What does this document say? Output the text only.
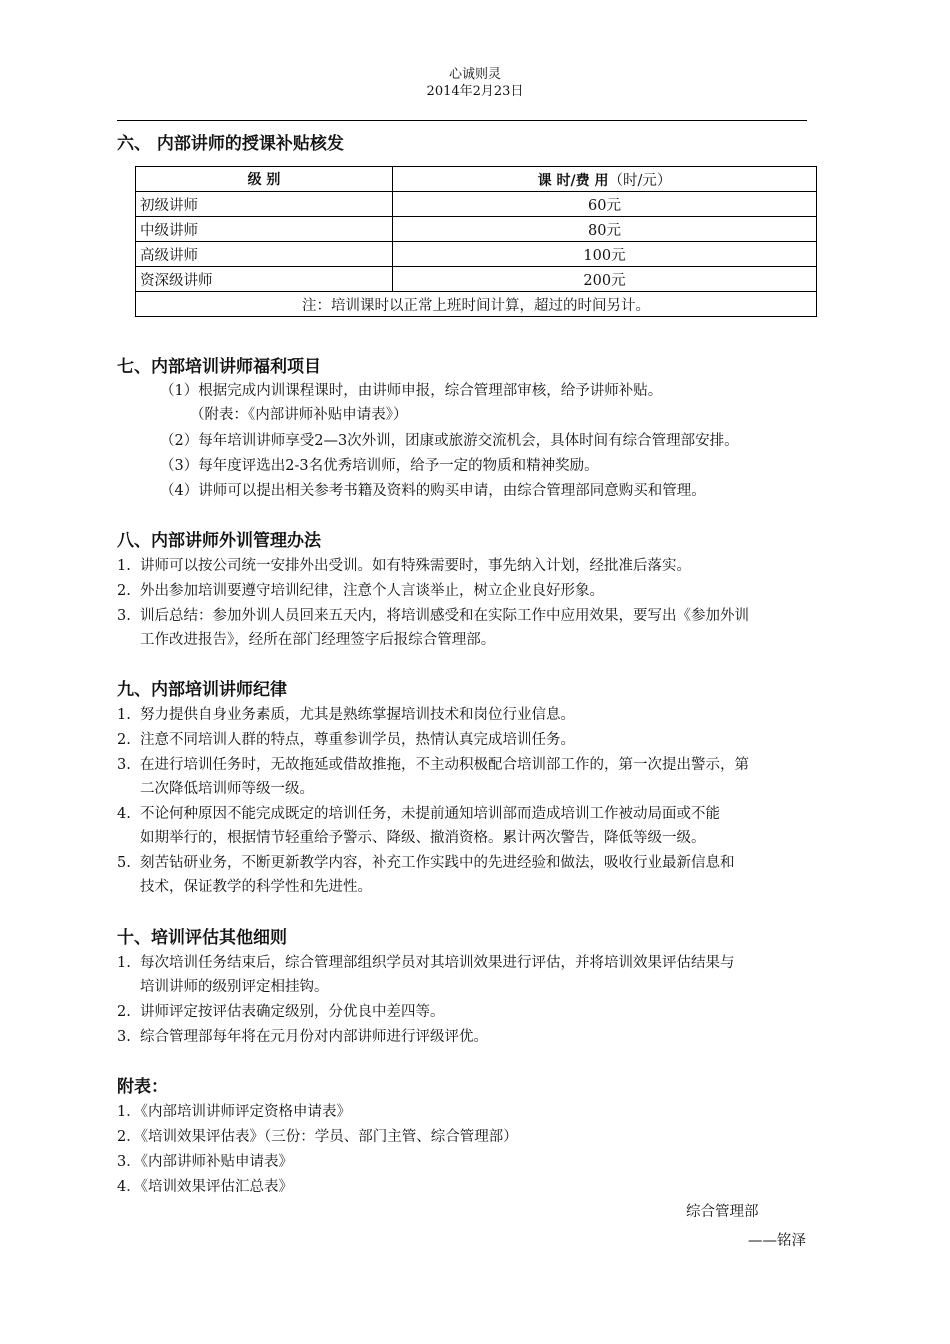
心诚则灵
2014年2月23日
六、 内部讲师的授课补贴核发
级 别	课 时/费 用（时/元）
初级讲师	60元
中级讲师	80元
高级讲师	100元
资深级讲师	200元
注：培训课时以正常上班时间计算，超过的时间另计。	
七、内部培训讲师福利项目
（1）根据完成内训课程课时，由讲师申报，综合管理部审核，给予讲师补贴。
（附表：《内部讲师补贴申请表》）
（2）每年培训讲师享受2—3次外训，团康或旅游交流机会，具体时间有综合管理部安排。
（3）每年度评选出2-3名优秀培训师，给予一定的物质和精神奖励。
（4）讲师可以提出相关参考书籍及资料的购买申请，由综合管理部同意购买和管理。
八、内部讲师外训管理办法
1. 讲师可以按公司统一安排外出受训。如有特殊需要时，事先纳入计划，经批准后落实。
2. 外出参加培训要遵守培训纪律，注意个人言谈举止，树立企业良好形象。
3. 训后总结：参加外训人员回来五天内，将培训感受和在实际工作中应用效果，要写出《参加外训
工作改进报告》，经所在部门经理签字后报综合管理部。
九、内部培训讲师纪律
1. 努力提供自身业务素质，尤其是熟练掌握培训技术和岗位行业信息。
2. 注意不同培训人群的特点，尊重参训学员，热情认真完成培训任务。
3. 在进行培训任务时，无故拖延或借故推拖，不主动积极配合培训部工作的，第一次提出警示，第
二次降低培训师等级一级。
4. 不论何种原因不能完成既定的培训任务，未提前通知培训部而造成培训工作被动局面或不能
如期举行的，根据情节轻重给予警示、降级、撤消资格。累计两次警告，降低等级一级。
5. 刻苦钻研业务，不断更新教学内容，补充工作实践中的先进经验和做法，吸收行业最新信息和
技术，保证教学的科学性和先进性。
十、培训评估其他细则
1. 每次培训任务结束后，综合管理部组织学员对其培训效果进行评估，并将培训效果评估结果与
培训讲师的级别评定相挂钩。
2. 讲师评定按评估表确定级别，分优良中差四等。
3. 综合管理部每年将在元月份对内部讲师进行评级评优。
附表：
1．《内部培训讲师评定资格申请表》
2．《培训效果评估表》（三份：学员、部门主管、综合管理部）
3．《内部讲师补贴申请表》
4．《培训效果评估汇总表》
综合管理部
——铭泽
